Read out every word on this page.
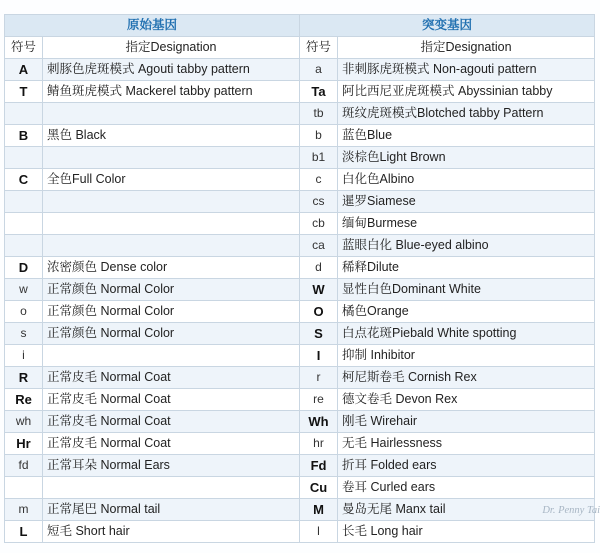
原始基因		突变基因	
符号	指定Designation	符号	指定Designation
A	刺豚色虎斑模式 Agouti tabby pattern	a	非刺豚虎斑模式 Non-agouti pattern
T	鲭鱼斑虎模式 Mackerel tabby pattern	Ta	阿比西尼亚虎斑模式 Abyssinian tabby
		tb	斑纹虎斑模式Blotched tabby Pattern
B	黑色 Black	b	蓝色Blue
		b1	淡棕色Light Brown
C	全色Full Color	c	白化色Albino
		cs	暹罗Siamese
		cb	缅甸Burmese
		ca	蓝眼白化 Blue-eyed albino
D	浓密颜色 Dense color	d	稀释Dilute
w	正常颜色 Normal Color	W	显性白色Dominant White
o	正常颜色 Normal Color	O	橘色Orange
s	正常颜色 Normal Color	S	白点花斑Piebald White spotting
i		I	抑制 Inhibitor
R	正常皮毛 Normal Coat	r	柯尼斯卷毛 Cornish Rex
Re	正常皮毛 Normal Coat	re	德文卷毛 Devon Rex
wh	正常皮毛 Normal Coat	Wh	刚毛 Wirehair
Hr	正常皮毛 Normal Coat	hr	无毛 Hairlessness
fd	正常耳朵 Normal Ears	Fd	折耳 Folded ears
		Cu	卷耳 Curled ears
m	正常尾巴 Normal tail	M	曼岛无尾 Manx tail
L	短毛 Short hair	l	长毛 Long hair
Dr. Penny Tai
